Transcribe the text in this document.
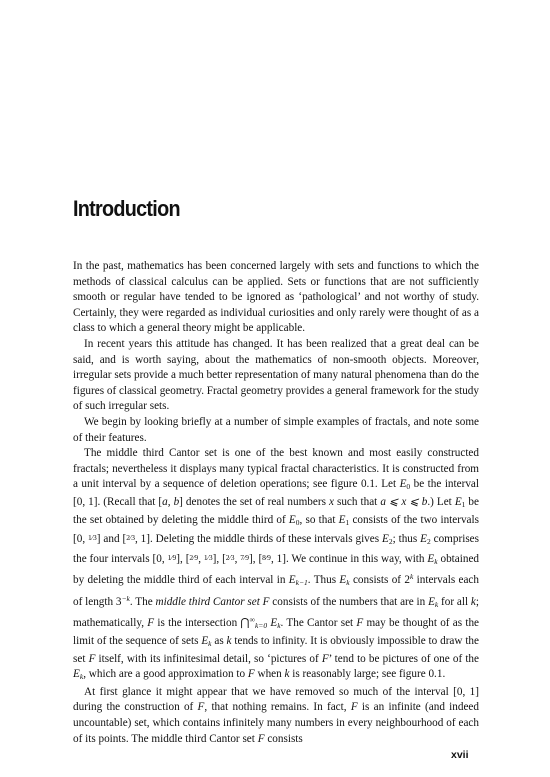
Introduction

In the past, mathematics has been concerned largely with sets and functions to which the methods of classical calculus can be applied. Sets or functions that are not sufficiently smooth or regular have tended to be ignored as ‘pathological’ and not worthy of study. Certainly, they were regarded as individual curiosities and only rarely were thought of as a class to which a general theory might be applicable.

In recent years this attitude has changed. It has been realized that a great deal can be said, and is worth saying, about the mathematics of non-smooth objects. Moreover, irregular sets provide a much better representation of many natural phenomena than do the figures of classical geometry. Fractal geometry provides a general framework for the study of such irregular sets.

We begin by looking briefly at a number of simple examples of fractals, and note some of their features.

The middle third Cantor set is one of the best known and most easily constructed fractals; nevertheless it displays many typical fractal characteristics. It is constructed from a unit interval by a sequence of deletion operations; see figure 0.1. Let $E_0$ be the interval [0, 1]. (Recall that [a, b] denotes the set of real numbers x such that a ⩽ x ⩽ b.) Let $E_1$ be the set obtained by deleting the middle third of $E_0$, so that $E_1$ consists of the two intervals [0, 1⁄3] and [2⁄3, 1]. Deleting the middle thirds of these intervals gives $E_2$; thus $E_2$ comprises the four intervals [0, 1⁄9], [2⁄9, 1⁄3], [2⁄3, 7⁄9], [8⁄9, 1]. We continue in this way, with $E_k$ obtained by deleting the middle third of each interval in $E_{k-1}$. Thus $E_k$ consists of 2$^k$ intervals each of length $3^{-k}$. The middle third Cantor set F consists of the numbers that are in $E_k$ for all k; mathematically, F is the intersection $⋂^\infty_{k=0}$ $E_k$. The Cantor set F may be thought of as the limit of the sequence of sets $E_k$ as k tends to infinity. It is obviously impossible to draw the set F itself, with its infinitesimal detail, so ‘pictures of F’ tend to be pictures of one of the $E_k$, which are a good approximation to F when k is reasonably large; see figure 0.1.

At first glance it might appear that we have removed so much of the interval [0, 1] during the construction of F, that nothing remains. In fact, F is an infinite (and indeed uncountable) set, which contains infinitely many numbers in every neighbourhood of each of its points. The middle third Cantor set F consists

xvii
